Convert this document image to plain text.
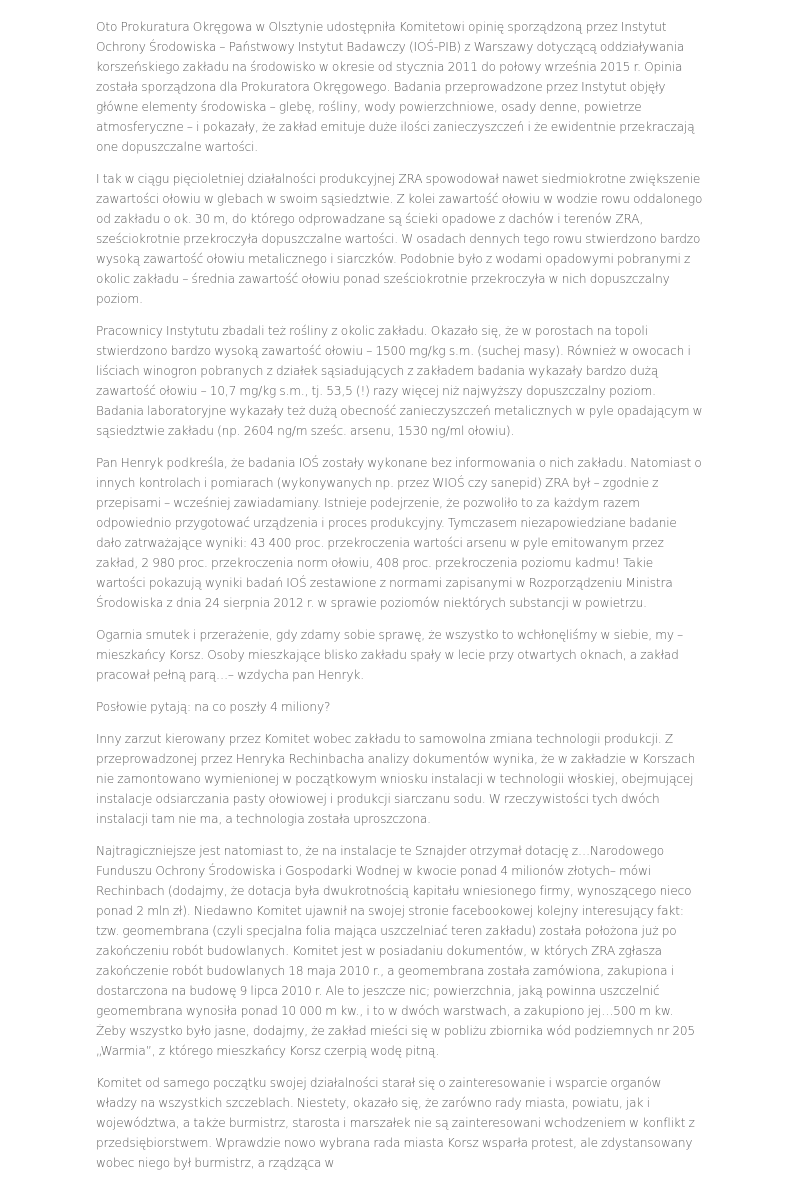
Oto Prokuratura Okręgowa w Olsztynie udostępniła Komitetowi opinię sporządzoną przez Instytut Ochrony Środowiska – Państwowy Instytut Badawczy (IOŚ-PIB) z Warszawy dotyczącą oddziaływania korszeńskiego zakładu na środowisko w okresie od stycznia 2011 do połowy września 2015 r. Opinia została sporządzona dla Prokuratora Okręgowego. Badania przeprowadzone przez Instytut objęły główne elementy środowiska – glebę, rośliny, wody powierzchniowe, osady denne, powietrze atmosferyczne – i pokazały, że zakład emituje duże ilości zanieczyszczeń i że ewidentnie przekraczają one dopuszczalne wartości.

I tak w ciągu pięcioletniej działalności produkcyjnej ZRA spowodował nawet siedmiokrotne zwiększenie zawartości ołowiu w glebach w swoim sąsiedztwie. Z kolei zawartość ołowiu w wodzie rowu oddalonego od zakładu o ok. 30 m, do którego odprowadzane są ścieki opadowe z dachów i terenów ZRA, sześciokrotnie przekroczyła dopuszczalne wartości. W osadach dennych tego rowu stwierdzono bardzo wysoką zawartość ołowiu metalicznego i siarczków. Podobnie było z wodami opadowymi pobranymi z okolic zakładu – średnia zawartość ołowiu ponad sześciokrotnie przekroczyła w nich dopuszczalny poziom.

Pracownicy Instytutu zbadali też rośliny z okolic zakładu. Okazało się, że w porostach na topoli stwierdzono bardzo wysoką zawartość ołowiu – 1500 mg/kg s.m. (suchej masy). Również w owocach i liściach winogron pobranych z działek sąsiadujących z zakładem badania wykazały bardzo dużą zawartość ołowiu – 10,7 mg/kg s.m., tj. 53,5 (!) razy więcej niż najwyższy dopuszczalny poziom. Badania laboratoryjne wykazały też dużą obecność zanieczyszczeń metalicznych w pyle opadającym w sąsiedztwie zakładu (np. 2604 ng/m sześc. arsenu, 1530 ng/ml ołowiu).

Pan Henryk podkreśla, że badania IOŚ zostały wykonane bez informowania o nich zakładu. Natomiast o innych kontrolach i pomiarach (wykonywanych np. przez WIOŚ czy sanepid) ZRA był – zgodnie z przepisami – wcześniej zawiadamiany. Istnieje podejrzenie, że pozwoliło to za każdym razem odpowiednio przygotować urządzenia i proces produkcyjny. Tymczasem niezapowiedziane badanie dało zatrważające wyniki: 43 400 proc. przekroczenia wartości arsenu w pyle emitowanym przez zakład, 2 980 proc. przekroczenia norm ołowiu, 408 proc. przekroczenia poziomu kadmu! Takie wartości pokazują wyniki badań IOŚ zestawione z normami zapisanymi w Rozporządzeniu Ministra Środowiska z dnia 24 sierpnia 2012 r. w sprawie poziomów niektórych substancji w powietrzu.

Ogarnia smutek i przerażenie, gdy zdamy sobie sprawę, że wszystko to wchłonęliśmy w siebie, my – mieszkańcy Korsz. Osoby mieszkające blisko zakładu spały w lecie przy otwartych oknach, a zakład pracował pełną parą…– wzdycha pan Henryk.

Posłowie pytają: na co poszły 4 miliony?

Inny zarzut kierowany przez Komitet wobec zakładu to samowolna zmiana technologii produkcji. Z przeprowadzonej przez Henryka Rechinbacha analizy dokumentów wynika, że w zakładzie w Korszach nie zamontowano wymienionej w początkowym wniosku instalacji w technologii włoskiej, obejmującej instalacje odsiarczania pasty ołowiowej i produkcji siarczanu sodu. W rzeczywistości tych dwóch instalacji tam nie ma, a technologia została uproszczona.

Najtragiczniejsze jest natomiast to, że na instalacje te Sznajder otrzymał dotację z…Narodowego Funduszu Ochrony Środowiska i Gospodarki Wodnej w kwocie ponad 4 milionów złotych– mówi Rechinbach (dodajmy, że dotacja była dwukrotnością kapitału wniesionego firmy, wynoszącego nieco ponad 2 mln zł). Niedawno Komitet ujawnił na swojej stronie facebookowej kolejny interesujący fakt: tzw. geomembrana (czyli specjalna folia mająca uszczelniać teren zakładu) została położona już po zakończeniu robót budowlanych. Komitet jest w posiadaniu dokumentów, w których ZRA zgłasza zakończenie robót budowlanych 18 maja 2010 r., a geomembrana została zamówiona, zakupiona i dostarczona na budowę 9 lipca 2010 r. Ale to jeszcze nic; powierzchnia, jaką powinna uszczelnić geomembrana wynosiła ponad 10 000 m kw., i to w dwóch warstwach, a zakupiono jej…500 m kw. Żeby wszystko było jasne, dodajmy, że zakład mieści się w pobliżu zbiornika wód podziemnych nr 205 „Warmia”, z którego mieszkańcy Korsz czerpią wodę pitną.

Komitet od samego początku swojej działalności starał się o zainteresowanie i wsparcie organów władzy na wszystkich szczeblach. Niestety, okazało się, że zarówno rady miasta, powiatu, jak i województwa, a także burmistrz, starosta i marszałek nie są zainteresowani wchodzeniem w konflikt z przedsiębiorstwem. Wprawdzie nowo wybrana rada miasta Korsz wsparła protest, ale zdystansowany wobec niego był burmistrz, a rządząca w
